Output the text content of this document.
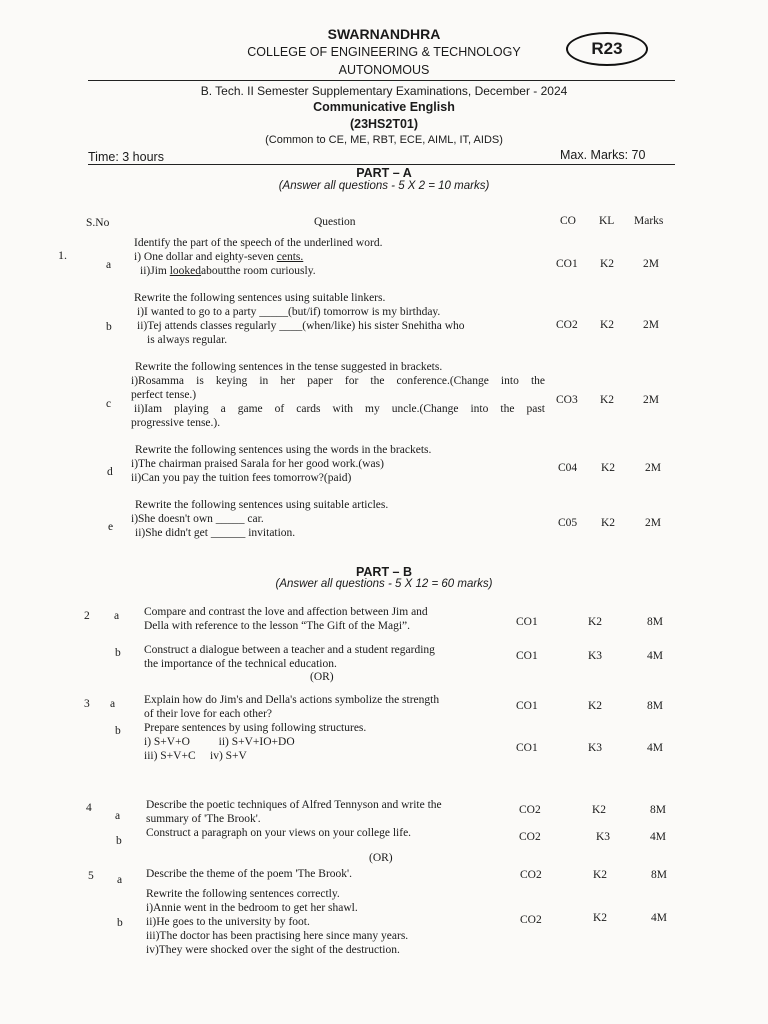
SWARNANDHRA
COLLEGE OF ENGINEERING & TECHNOLOGY
AUTONOMOUS
R23
B. Tech. II Semester Supplementary Examinations, December - 2024
Communicative English
(23HS2T01)
(Common to CE, ME, RBT, ECE, AIML, IT, AIDS)
Time: 3 hours	Max. Marks: 70
PART – A
(Answer all questions - 5 X 2 = 10 marks)
S.No	Question	CO KL Marks
1.
a
Identify the part of the speech of the underlined word.
i) One dollar and eighty-seven cents.
ii)Jim lookedaboutthe room curiously.
CO1 K2	2M
b
Rewrite the following sentences using suitable linkers.
i)I wanted to go to a party _____(but/if) tomorrow is my birthday.
ii)Tej attends classes regularly ____(when/like) his sister Snehitha who
is always regular.
CO2 K2	2M
c
Rewrite the following sentences in the tense suggested in brackets.
i)Rosamma is keying in her paper for the conference.(Change into the
perfect tense.)
ii)Iam playing a game of cards with my uncle.(Change into the past
progressive tense.).
CO3 K2	2M
d
Rewrite the following sentences using the words in the brackets.
i)The chairman praised Sarala for her good work.(was)
ii)Can you pay the tuition fees tomorrow?(paid)
C04 K2	2M
e
Rewrite the following sentences using suitable articles.
i)She doesn't own _____ car.
ii)She didn't get ______ invitation.
C05 K2	2M
PART – B
(Answer all questions - 5 X 12 = 60 marks)
2 a Compare and contrast the love and affection between Jim and
Della with reference to the lesson “The Gift of the Magi”.	CO1	K2	8M
b Construct a dialogue between a teacher and a student regarding
the importance of the technical education.
CO1	K3	4M
(OR)
3 a	Explain how do Jim's and Della's actions symbolize the strength
of their love for each other?
CO1	K2	8M
b Prepare sentences by using following structures.
i) S+V+O          ii) S+V+IO+DO
iii) S+V+C     iv) S+V
CO1	K3	4M
4
a
Describe the poetic techniques of Alfred Tennyson and write the
summary of 'The Brook'.
CO2	K2	8M
b
Construct a paragraph on your views on your college life.	CO2	K3	4M
(OR)
5 a Describe the theme of the poem 'The Brook'.	CO2	K2	8M
b
Rewrite the following sentences correctly.
i)Annie went in the bedroom to get her shawl.
ii)He goes to the university by foot.
iii)The doctor has been practising here since many years.
iv)They were shocked over the sight of the destruction.
CO2	K2	4M
